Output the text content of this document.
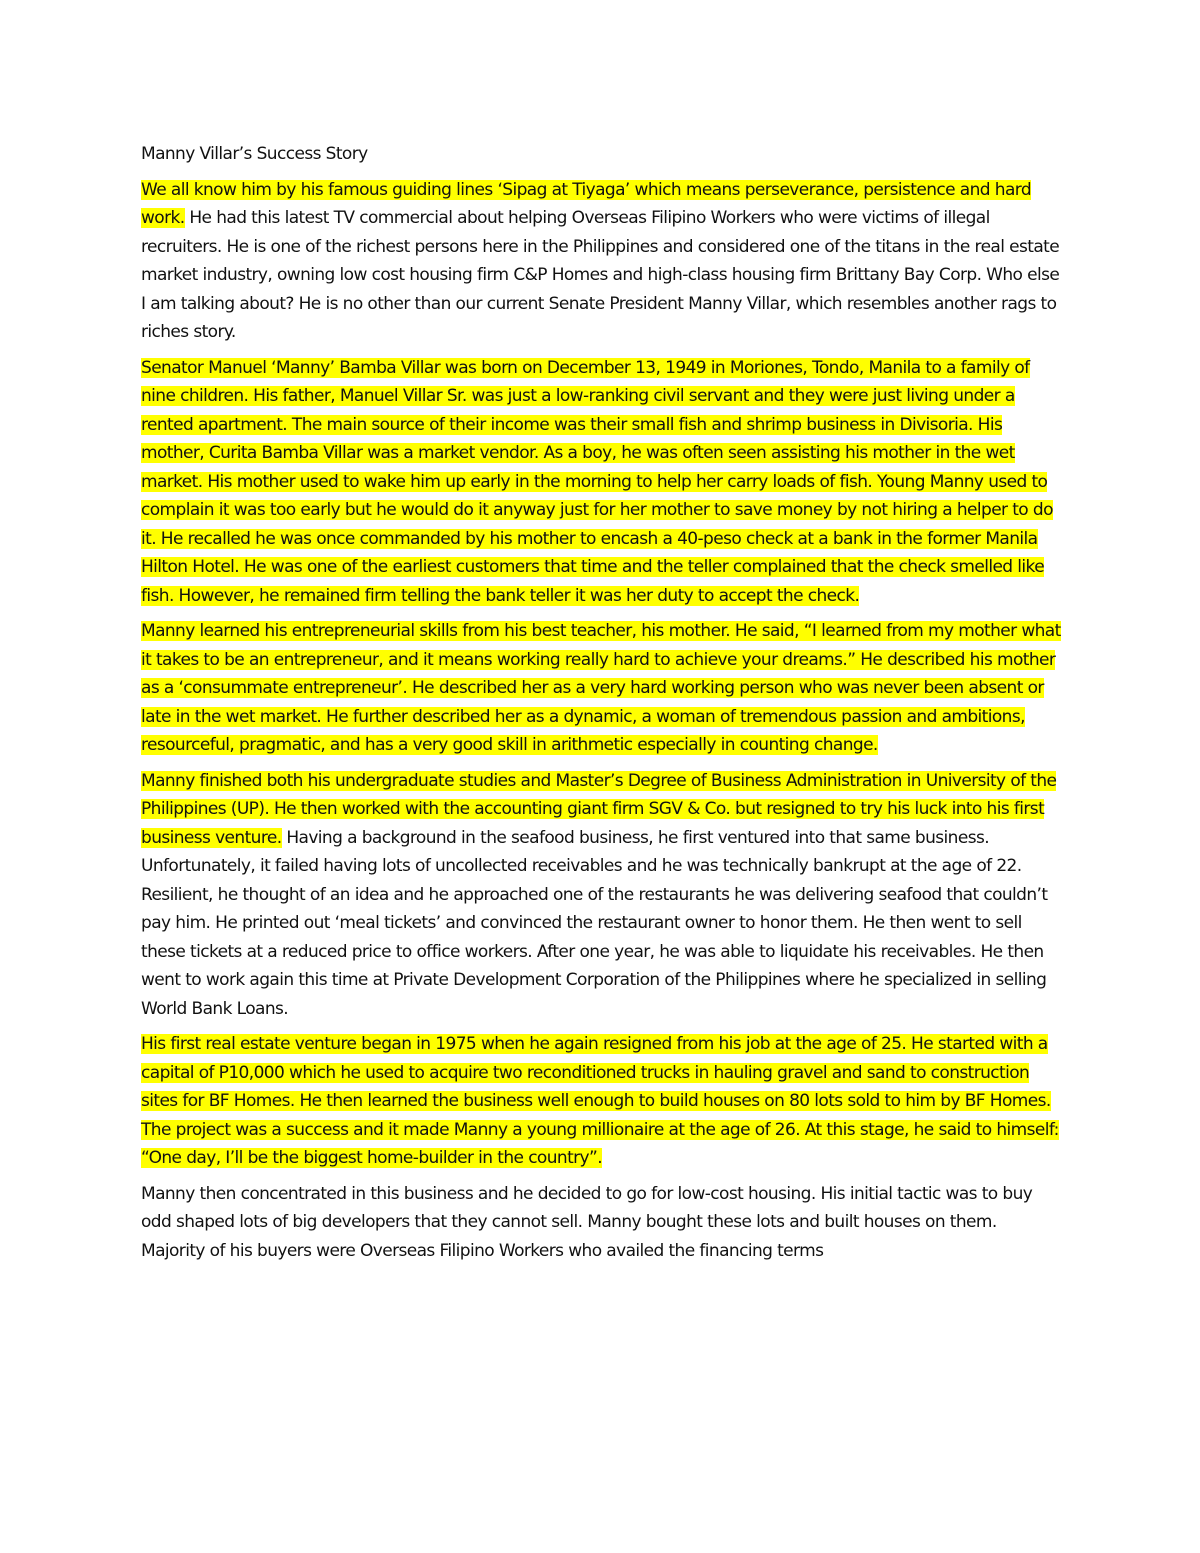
Manny Villar’s Success Story

We all know him by his famous guiding lines ‘Sipag at Tiyaga’ which means perseverance, persistence and hard work. He had this latest TV commercial about helping Overseas Filipino Workers who were victims of illegal recruiters. He is one of the richest persons here in the Philippines and considered one of the titans in the real estate market industry, owning low cost housing firm C&P Homes and high-class housing firm Brittany Bay Corp. Who else I am talking about? He is no other than our current Senate President Manny Villar, which resembles another rags to riches story.

Senator Manuel ‘Manny’ Bamba Villar was born on December 13, 1949 in Moriones, Tondo, Manila to a family of nine children. His father, Manuel Villar Sr. was just a low-ranking civil servant and they were just living under a rented apartment. The main source of their income was their small fish and shrimp business in Divisoria. His mother, Curita Bamba Villar was a market vendor. As a boy, he was often seen assisting his mother in the wet market. His mother used to wake him up early in the morning to help her carry loads of fish. Young Manny used to complain it was too early but he would do it anyway just for her mother to save money by not hiring a helper to do it. He recalled he was once commanded by his mother to encash a 40-peso check at a bank in the former Manila Hilton Hotel. He was one of the earliest customers that time and the teller complained that the check smelled like fish. However, he remained firm telling the bank teller it was her duty to accept the check.

Manny learned his entrepreneurial skills from his best teacher, his mother. He said, “I learned from my mother what it takes to be an entrepreneur, and it means working really hard to achieve your dreams.” He described his mother as a ‘consummate entrepreneur’. He described her as a very hard working person who was never been absent or late in the wet market. He further described her as a dynamic, a woman of tremendous passion and ambitions, resourceful, pragmatic, and has a very good skill in arithmetic especially in counting change.

Manny finished both his undergraduate studies and Master’s Degree of Business Administration in University of the Philippines (UP). He then worked with the accounting giant firm SGV & Co. but resigned to try his luck into his first business venture. Having a background in the seafood business, he first ventured into that same business. Unfortunately, it failed having lots of uncollected receivables and he was technically bankrupt at the age of 22. Resilient, he thought of an idea and he approached one of the restaurants he was delivering seafood that couldn’t pay him. He printed out ‘meal tickets’ and convinced the restaurant owner to honor them. He then went to sell these tickets at a reduced price to office workers. After one year, he was able to liquidate his receivables. He then went to work again this time at Private Development Corporation of the Philippines where he specialized in selling World Bank Loans.

His first real estate venture began in 1975 when he again resigned from his job at the age of 25. He started with a capital of P10,000 which he used to acquire two reconditioned trucks in hauling gravel and sand to construction sites for BF Homes. He then learned the business well enough to build houses on 80 lots sold to him by BF Homes. The project was a success and it made Manny a young millionaire at the age of 26. At this stage, he said to himself: “One day, I’ll be the biggest home-builder in the country”.

Manny then concentrated in this business and he decided to go for low-cost housing. His initial tactic was to buy odd shaped lots of big developers that they cannot sell. Manny bought these lots and built houses on them. Majority of his buyers were Overseas Filipino Workers who availed the financing terms
